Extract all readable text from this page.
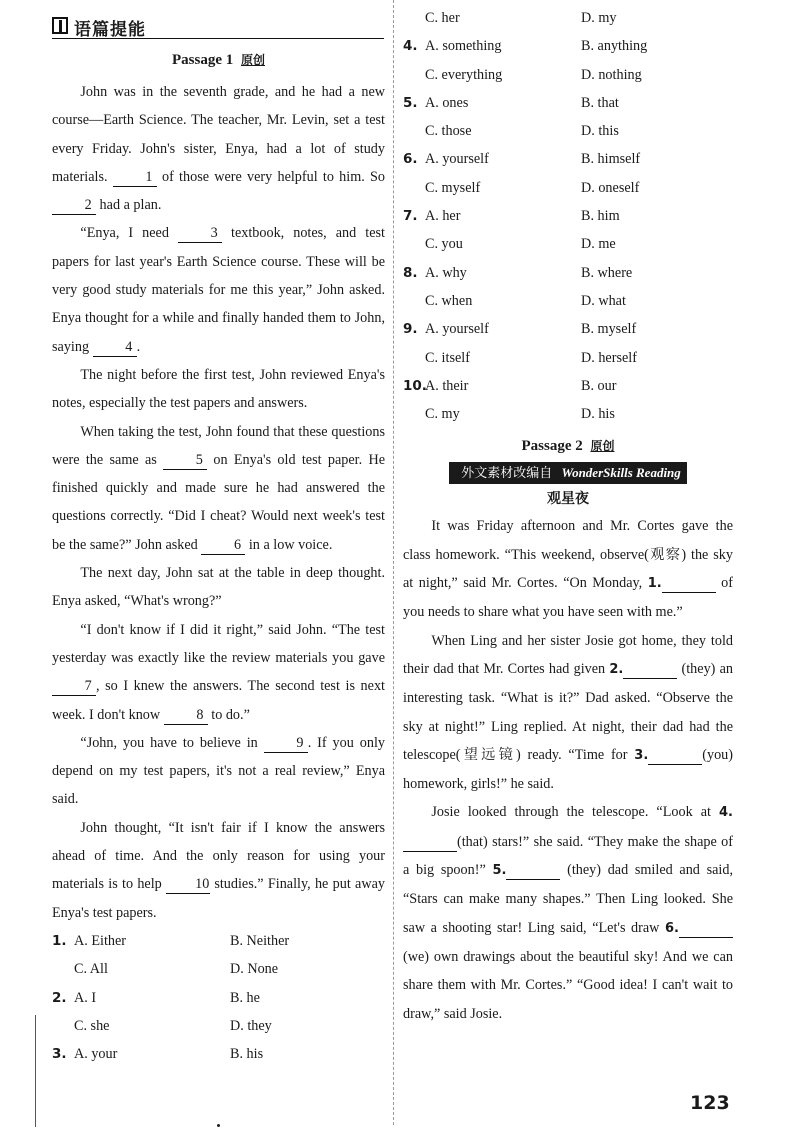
语篇提能
Passage 1 原创

John was in the seventh grade, and he had a new course—Earth Science. The teacher, Mr. Levin, set a test every Friday. John's sister, Enya, had a lot of study materials. 1 of those were very helpful to him. So 2 had a plan.

“Enya, I need 3 textbook, notes, and test papers for last year's Earth Science course. These will be very good study materials for me this year,” John asked. Enya thought for a while and finally handed them to John, saying 4 .

The night before the first test, John reviewed Enya's notes, especially the test papers and answers.

When taking the test, John found that these questions were the same as 5 on Enya's old test paper. He finished quickly and made sure he had answered the questions correctly. “Did I cheat? Would next week's test be the same?” John asked 6 in a low voice.

The next day, John sat at the table in deep thought. Enya asked, “What's wrong?”

“I don't know if I did it right,” said John. “The test yesterday was exactly like the review materials you gave 7 , so I knew the answers. The second test is next week. I don't know 8 to do.”

“John, you have to believe in 9 . If you only depend on my test papers, it's not a real review,” Enya said.

John thought, “It isn't fair if I know the answers ahead of time. And the only reason for using your materials is to help 10 studies.” Finally, he put away Enya's test papers.

1. A. Either	B. Neither
C. All	D. None
2. A. I	B. he
C. she	D. they
3. A. your	B. his
C. her	D. my
4. A. something	B. anything
C. everything	D. nothing
5. A. ones	B. that
C. those	D. this
6. A. yourself	B. himself
C. myself	D. oneself
7. A. her	B. him
C. you	D. me
8. A. why	B. where
C. when	D. what
9. A. yourself	B. myself
C. itself	D. herself
10.
A. their	B. our
C. my	D. his
Passage 2 原创
外文素材改编自 WonderSkills Reading
观星夜

It was Friday afternoon and Mr. Cortes gave the class homework. “This weekend, observe(观察) the sky at night,” said Mr. Cortes. “On Monday, 1.	of you needs to share what you have seen with me.”

When Ling and her sister Josie got home, they told their dad that Mr. Cortes had given 2.	(they) an interesting task. “What is it?” Dad asked. “Observe the sky at night!” Ling replied. At night, their dad had the telescope(望远镜) ready. “Time for 3.	(you) homework, girls!” he said.

Josie looked through the telescope. “Look at 4. (that) stars!” she said. “They make the shape of a big spoon!” 5.	(they) dad smiled and said, “Stars can make many shapes.” Then Ling looked. She saw a shooting star! Ling said, “Let's draw 6.  (we) own drawings about the beautiful sky! And we can share them with Mr. Cortes.” “Good idea! I can't wait to draw,” said Josie.

123
